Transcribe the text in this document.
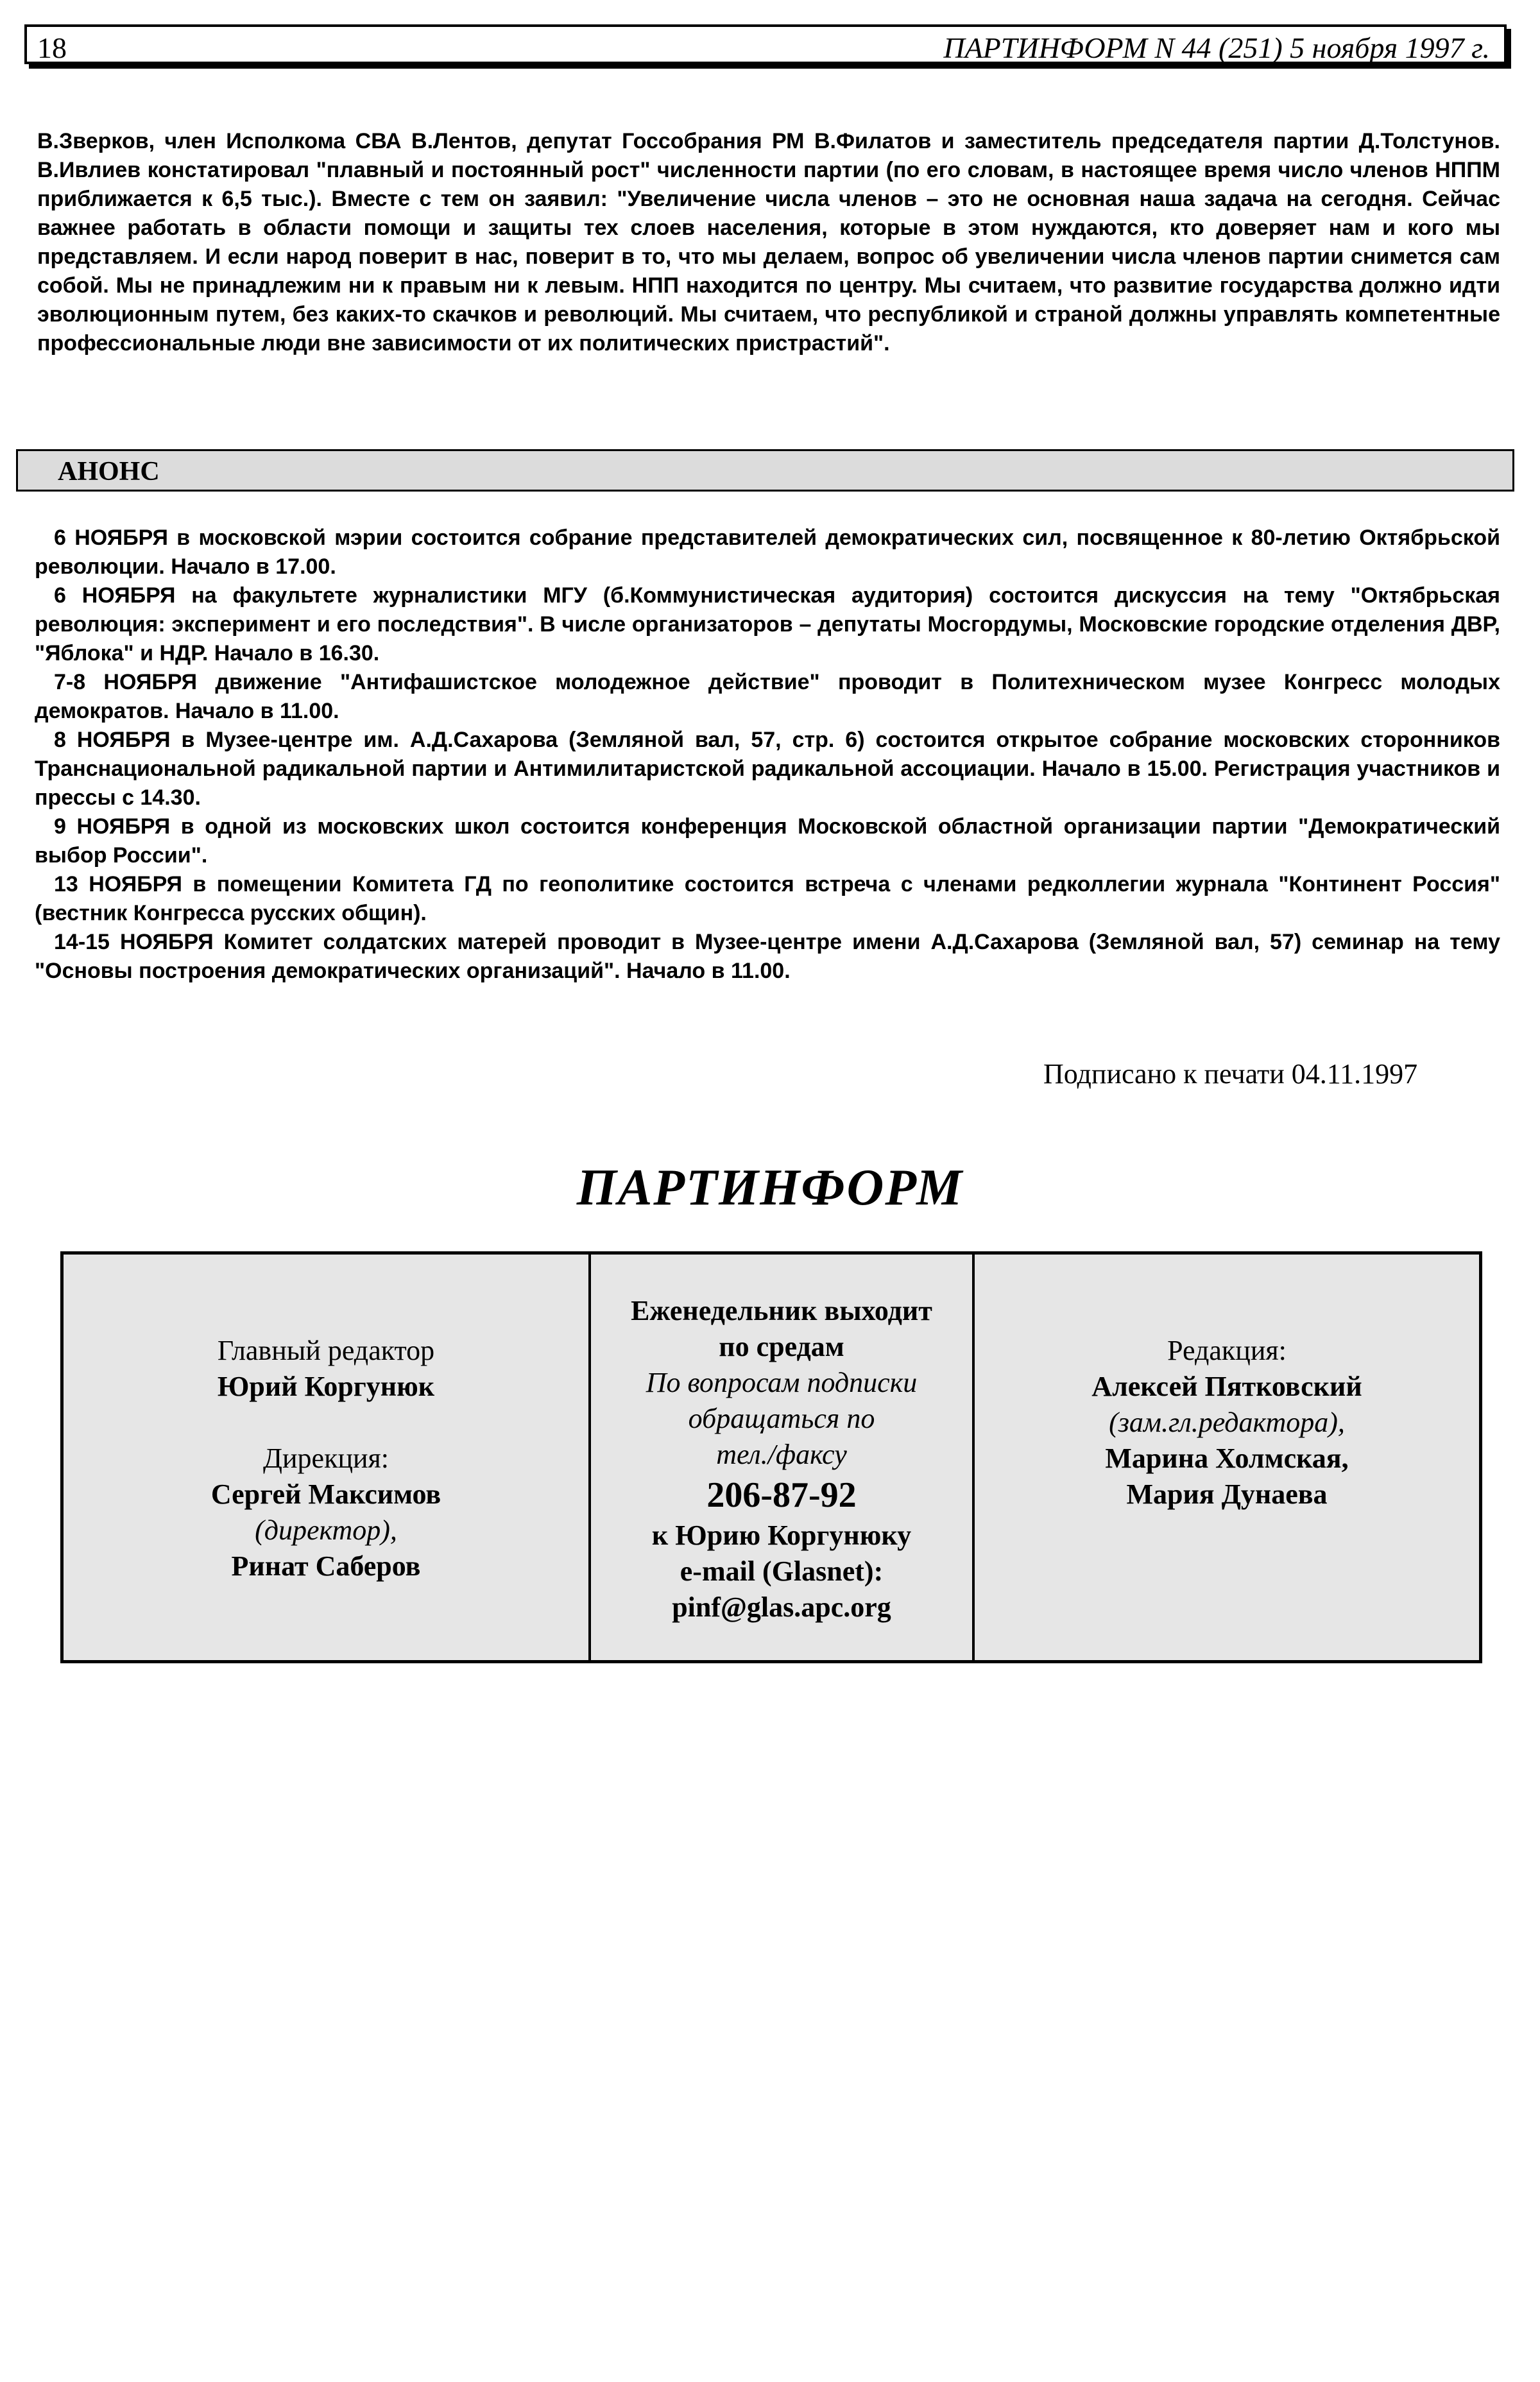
18	ПАРТИНФОРМ N 44 (251) 5 ноября 1997 г.

В.Зверков, член Исполкома СВА В.Лентов, депутат Госсобрания РМ В.Филатов и заместитель председателя партии Д.Толстунов. В.Ивлиев констатировал "плавный и постоянный рост" численности партии (по его словам, в настоящее время число членов НППМ приближается к 6,5 тыс.). Вместе с тем он заявил: "Увеличение числа членов – это не основная наша задача на сегодня. Сейчас важнее работать в области помощи и защиты тех слоев населения, которые в этом нуждаются, кто доверяет нам и кого мы представляем. И если народ поверит в нас, поверит в то, что мы делаем, вопрос об увеличении числа членов партии снимется сам собой. Мы не принадлежим ни к правым ни к левым. НПП находится по центру. Мы считаем, что развитие государства должно идти эволюционным путем, без каких-то скачков и революций. Мы считаем, что республикой и страной должны управлять компетентные профессиональные люди вне зависимости от их политических пристрастий".

АНОНС

6 НОЯБРЯ в московской мэрии состоится собрание представителей демократических сил, посвященное к 80-летию Октябрьской революции. Начало в 17.00.

6 НОЯБРЯ на факультете журналистики МГУ (б.Коммунистическая аудитория) состоится дискуссия на тему "Октябрьская революция: эксперимент и его последствия". В числе организаторов – депутаты Мосгордумы, Московские городские отделения ДВР, "Яблока" и НДР. Начало в 16.30.

7-8 НОЯБРЯ движение "Антифашистское молодежное действие" проводит в Политехническом музее Конгресс молодых демократов. Начало в 11.00.

8 НОЯБРЯ в Музее-центре им. А.Д.Сахарова (Земляной вал, 57, стр. 6) состоится открытое собрание московских сторонников Транснациональной радикальной партии и Антимилитаристской радикальной ассоциации. Начало в 15.00. Регистрация участников и прессы с 14.30.

9 НОЯБРЯ в одной из московских школ состоится конференция Московской областной организации партии "Демократический выбор России".

13 НОЯБРЯ в помещении Комитета ГД по геополитике состоится встреча с членами редколлегии журнала "Континент Россия" (вестник Конгресса русских общин).

14-15 НОЯБРЯ Комитет солдатских матерей проводит в Музее-центре имени А.Д.Сахарова (Земляной вал, 57) семинар на тему "Основы построения демократических организаций". Начало в 11.00.

Подписано к печати 04.11.1997
ПАРТИНФОРМ
Главный редактор
Юрий Коргунюк
Дирекция:
Сергей Максимов
(директор),
Ринат Саберов
Еженедельник выходит
по средам
По вопросам подписки
обращаться по
тел./факсу
206-87-92
к Юрию Коргунюку
e-mail (Glasnet):
pinf@glas.apc.org
Редакция:
Алексей Пятковский
(зам.гл.редактора),
Марина Холмская,
Мария Дунаева
